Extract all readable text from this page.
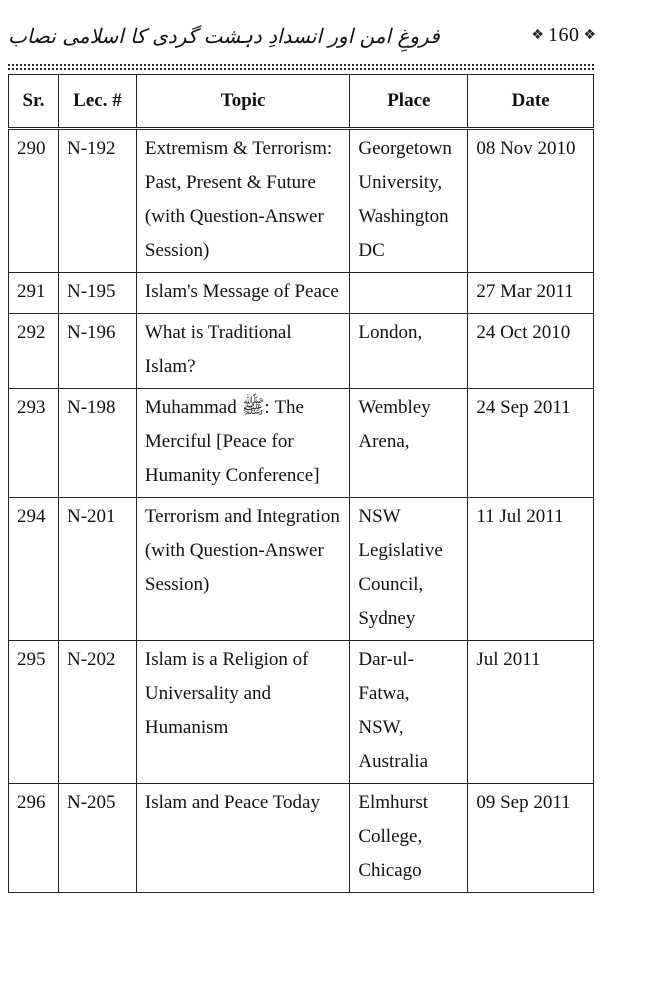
فروغِ امن اور انسدادِ دہشت گردی کا اسلامی نصاب	❖ 160 ❖
Sr.	Lec. #	Topic	Place	Date
290	N-192	Extremism & Terrorism: Past, Present & Future (with Question-Answer Session)	Georgetown University, Washington DC	08 Nov 2010
291	N-195	Islam's Message of Peace		27 Mar 2011
292	N-196	What is Traditional Islam?	London,	24 Oct 2010
293	N-198	Muhammad ﷺ: The Merciful [Peace for Humanity Conference]	Wembley Arena,	24 Sep 2011
294	N-201	Terrorism and Integration (with Question-Answer Session)	NSW Legislative Council, Sydney	11 Jul 2011
295	N-202	Islam is a Religion of Universality and Humanism	Dar-ul-Fatwa, NSW, Australia	Jul 2011
296	N-205	Islam and Peace Today	Elmhurst College, Chicago	09 Sep 2011
